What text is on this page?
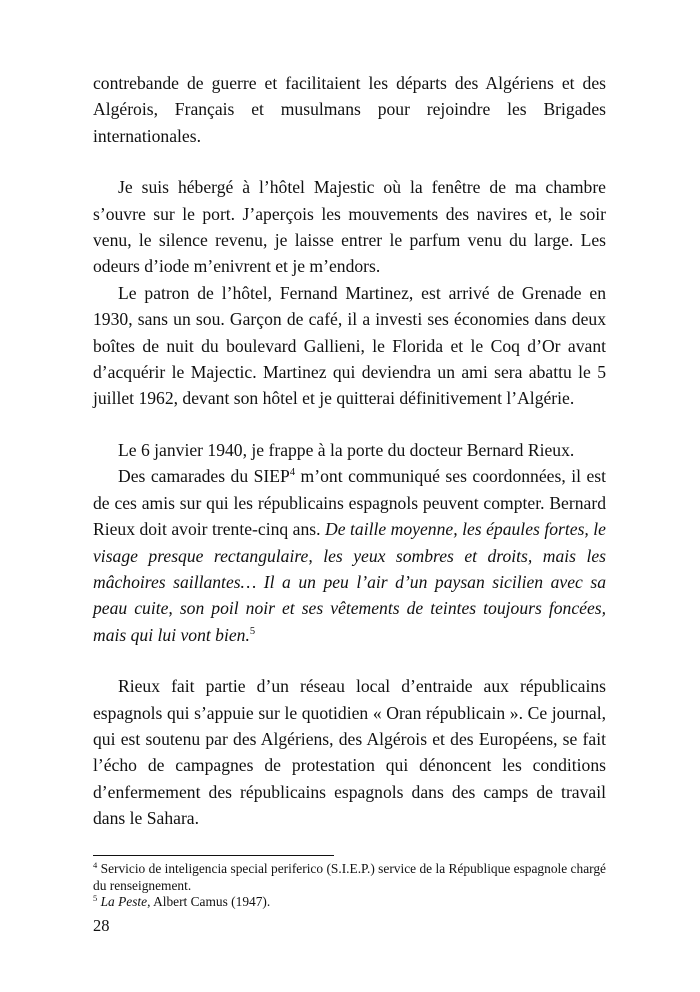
contrebande de guerre et facilitaient les départs des Algériens et des Algérois, Français et musulmans pour rejoindre les Brigades internationales.

Je suis hébergé à l’hôtel Majestic où la fenêtre de ma chambre s’ouvre sur le port. J’aperçois les mouvements des navires et, le soir venu, le silence revenu, je laisse entrer le parfum venu du large. Les odeurs d’iode m’enivrent et je m’endors.

Le patron de l’hôtel, Fernand Martinez, est arrivé de Grenade en 1930, sans un sou. Garçon de café, il a investi ses économies dans deux boîtes de nuit du boulevard Gallieni, le Florida et le Coq d’Or avant d’acquérir le Majectic. Martinez qui deviendra un ami sera abattu le 5 juillet 1962, devant son hôtel et je quitterai définitivement l’Algérie.

Le 6 janvier 1940, je frappe à la porte du docteur Bernard Rieux.

Des camarades du SIEP$^4$ m’ont communiqué ses coordonnées, il est de ces amis sur qui les républicains espagnols peuvent compter. Bernard Rieux doit avoir trente-cinq ans. De taille moyenne, les épaules fortes, le visage presque rectangulaire, les yeux sombres et droits, mais les mâchoires saillantes… Il a un peu l’air d’un paysan sicilien avec sa peau cuite, son poil noir et ses vêtements de teintes toujours foncées, mais qui lui vont bien.$^5$

Rieux fait partie d’un réseau local d’entraide aux républicains espagnols qui s’appuie sur le quotidien « Oran républicain ». Ce journal, qui est soutenu par des Algériens, des Algérois et des Européens, se fait l’écho de campagnes de protestation qui dénoncent les conditions d’enfermement des républicains espagnols dans des camps de travail dans le Sahara.

$^4$ Servicio de inteligencia special periferico (S.I.E.P.) service de la République espagnole chargé du renseignement.

$^5$ La Peste, Albert Camus (1947).

28
